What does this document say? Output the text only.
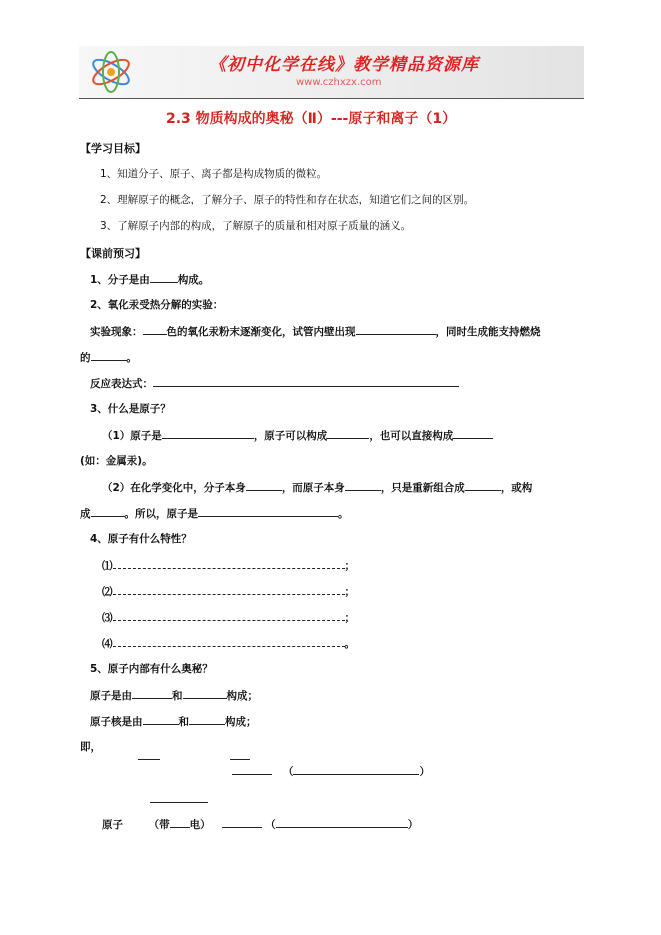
《初中化学在线》教学精品资源库
www.czhxzx.com
2.3 物质构成的奥秘（Ⅱ）---原子和离子（1）
【学习目标】
1、知道分子、原子、离子都是构成物质的微粒。
2、理解原子的概念，了解分子、原子的特性和存在状态，知道它们之间的区别。
3、了解原子内部的构成，了解原子的质量和相对原子质量的涵义。
【课前预习】
1、分子是由	构成。
2、氧化汞受热分解的实验：
实验现象： 色的氧化汞粉末逐渐变化，试管内壁出现	，同时生成能支持燃烧
的	。
反应表达式：
3、什么是原子？
（1）原子是	，原子可以构成	，也可以直接构成
(如：金属汞)。
（2）在化学变化中，分子本身	，而原子本身	，只是重新组合成	，或构
成	。所以，原子是	。
4、原子有什么特性？
⑴	；
⑵	；
⑶	；
⑷	。
5、原子内部有什么奥秘？
原子是由	和	构成；
原子核是由	和	构成；
即，
（	）
原子 （带 电）	（	）
